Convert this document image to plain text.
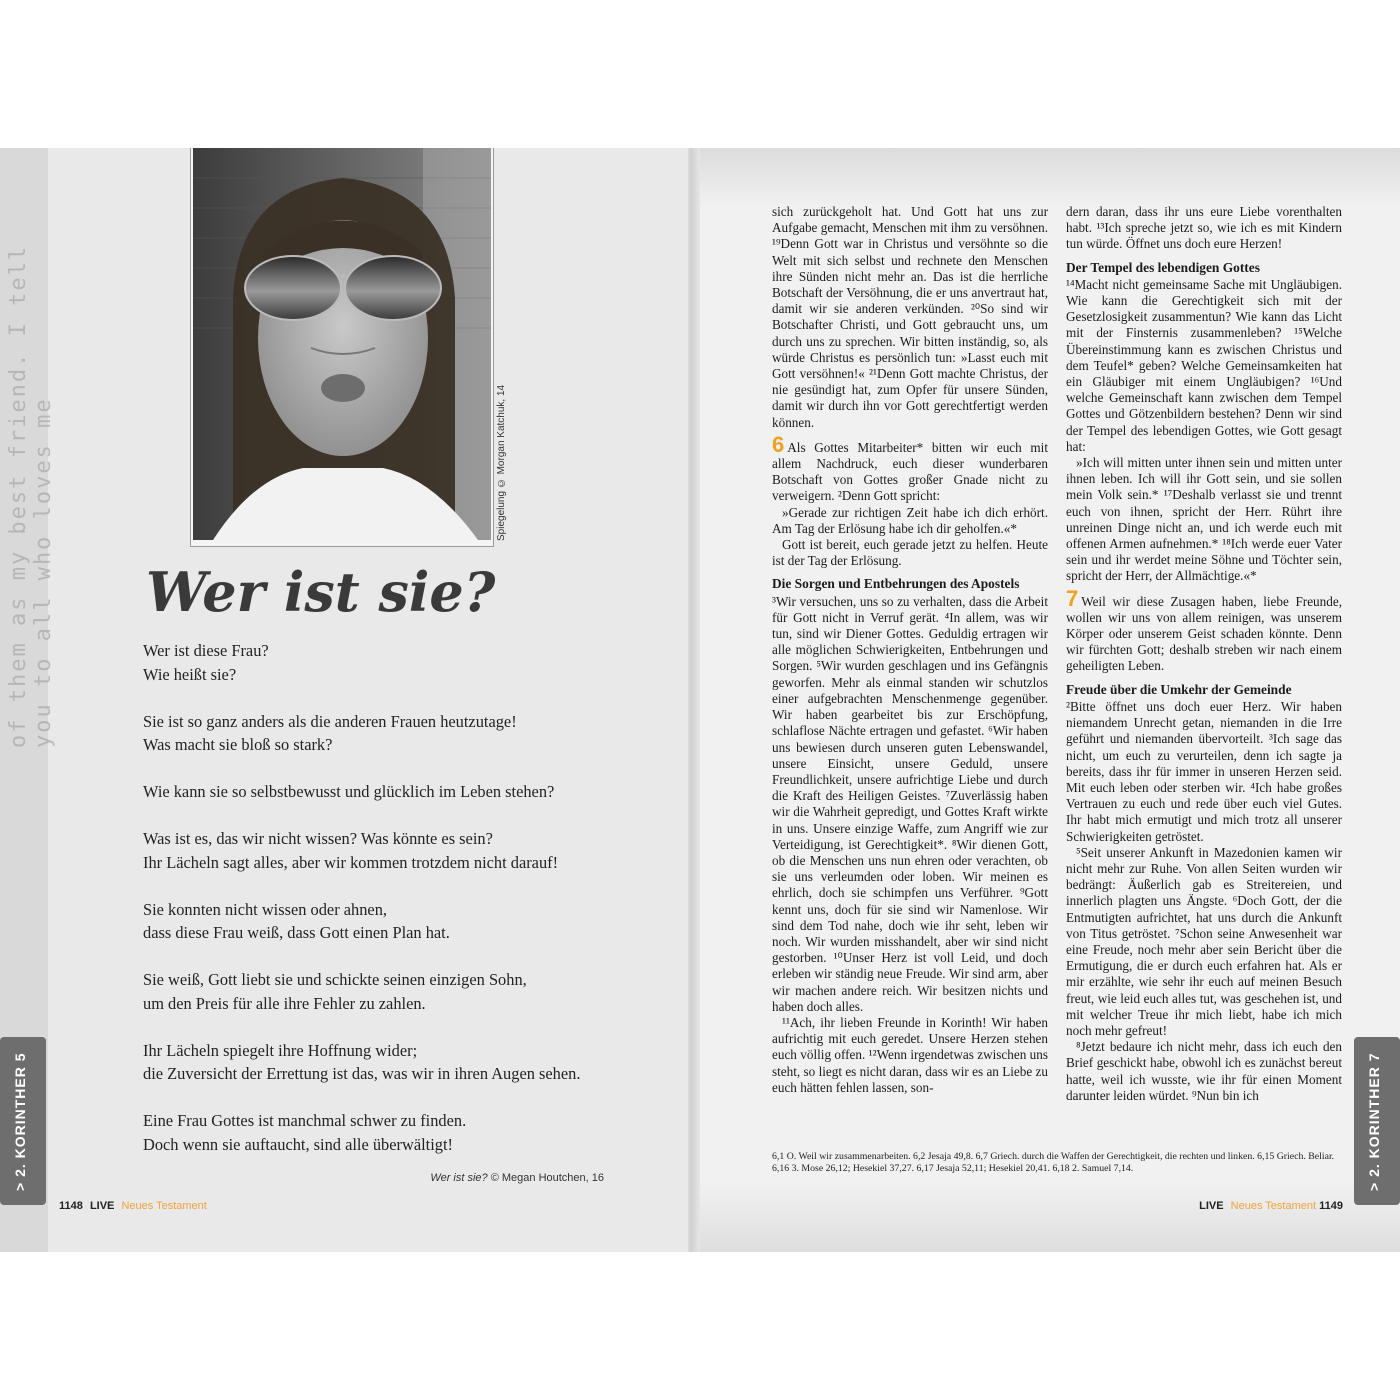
of them as my best friend. I tell you to all who loves me	Spiegelung © Morgan Katchuk, 14
Wer ist sie?

Wer ist diese Frau?
Wie heißt sie?

Sie ist so ganz anders als die anderen Frauen heutzutage!
Was macht sie bloß so stark?

Wie kann sie so selbstbewusst und glücklich im Leben stehen?

Was ist es, das wir nicht wissen? Was könnte es sein?
Ihr Lächeln sagt alles, aber wir kommen trotzdem nicht darauf!

Sie konnten nicht wissen oder ahnen,
dass diese Frau weiß, dass Gott einen Plan hat.

Sie weiß, Gott liebt sie und schickte seinen einzigen Sohn,
um den Preis für alle ihre Fehler zu zahlen.

Ihr Lächeln spiegelt ihre Hoffnung wider;
die Zuversicht der Errettung ist das, was wir in ihren Augen sehen.

Eine Frau Gottes ist manchmal schwer zu finden.
Doch wenn sie auftaucht, sind alle überwältigt!

Wer ist sie? © Megan Houtchen, 16
> 2. KORINTHER 5
1148 LIVE Neues Testament

sich zurückgeholt hat. Und Gott hat uns zur Aufgabe gemacht, Menschen mit ihm zu versöhnen. ¹⁹Denn Gott war in Christus und versöhnte so die Welt mit sich selbst und rechnete den Menschen ihre Sünden nicht mehr an. Das ist die herrliche Botschaft der Versöhnung, die er uns anvertraut hat, damit wir sie anderen verkünden. ²⁰So sind wir Botschafter Christi, und Gott gebraucht uns, um durch uns zu sprechen. Wir bitten inständig, so, als würde Christus es persönlich tun: »Lasst euch mit Gott versöhnen!« ²¹Denn Gott machte Christus, der nie gesündigt hat, zum Opfer für unsere Sünden, damit wir durch ihn vor Gott gerechtfertigt werden können.

6 Als Gottes Mitarbeiter* bitten wir euch mit allem Nachdruck, euch dieser wunderbaren Botschaft von Gottes großer Gnade nicht zu verweigern. ²Denn Gott spricht:

»Gerade zur richtigen Zeit habe ich dich erhört. Am Tag der Erlösung habe ich dir geholfen.«*

Gott ist bereit, euch gerade jetzt zu helfen. Heute ist der Tag der Erlösung.

Die Sorgen und Entbehrungen des Apostels

³Wir versuchen, uns so zu verhalten, dass die Arbeit für Gott nicht in Verruf gerät. ⁴In allem, was wir tun, sind wir Diener Gottes. Geduldig ertragen wir alle möglichen Schwierigkeiten, Entbehrungen und Sorgen. ⁵Wir wurden geschlagen und ins Gefängnis geworfen. Mehr als einmal standen wir schutzlos einer aufgebrachten Menschenmenge gegenüber. Wir haben gearbeitet bis zur Erschöpfung, schlaflose Nächte ertragen und gefastet. ⁶Wir haben uns bewiesen durch unseren guten Lebenswandel, unsere Einsicht, unsere Geduld, unsere Freundlichkeit, unsere aufrichtige Liebe und durch die Kraft des Heiligen Geistes. ⁷Zuverlässig haben wir die Wahrheit gepredigt, und Gottes Kraft wirkte in uns. Unsere einzige Waffe, zum Angriff wie zur Verteidigung, ist Gerechtigkeit*. ⁸Wir dienen Gott, ob die Menschen uns nun ehren oder verachten, ob sie uns verleumden oder loben. Wir meinen es ehrlich, doch sie schimpfen uns Verführer. ⁹Gott kennt uns, doch für sie sind wir Namenlose. Wir sind dem Tod nahe, doch wie ihr seht, leben wir noch. Wir wurden misshandelt, aber wir sind nicht gestorben. ¹⁰Unser Herz ist voll Leid, und doch erleben wir ständig neue Freude. Wir sind arm, aber wir machen andere reich. Wir besitzen nichts und haben doch alles.

¹¹Ach, ihr lieben Freunde in Korinth! Wir haben aufrichtig mit euch geredet. Unsere Herzen stehen euch völlig offen. ¹²Wenn irgendetwas zwischen uns steht, so liegt es nicht daran, dass wir es an Liebe zu euch hätten fehlen lassen, son-

dern daran, dass ihr uns eure Liebe vorenthalten habt. ¹³Ich spreche jetzt so, wie ich es mit Kindern tun würde. Öffnet uns doch eure Herzen!

Der Tempel des lebendigen Gottes

¹⁴Macht nicht gemeinsame Sache mit Ungläubigen. Wie kann die Gerechtigkeit sich mit der Gesetzlosigkeit zusammentun? Wie kann das Licht mit der Finsternis zusammenleben? ¹⁵Welche Übereinstimmung kann es zwischen Christus und dem Teufel* geben? Welche Gemeinsamkeiten hat ein Gläubiger mit einem Ungläubigen? ¹⁶Und welche Gemeinschaft kann zwischen dem Tempel Gottes und Götzenbildern bestehen? Denn wir sind der Tempel des lebendigen Gottes, wie Gott gesagt hat:

»Ich will mitten unter ihnen sein und mitten unter ihnen leben. Ich will ihr Gott sein, und sie sollen mein Volk sein.* ¹⁷Deshalb verlasst sie und trennt euch von ihnen, spricht der Herr. Rührt ihre unreinen Dinge nicht an, und ich werde euch mit offenen Armen aufnehmen.* ¹⁸Ich werde euer Vater sein und ihr werdet meine Söhne und Töchter sein, spricht der Herr, der Allmächtige.«*

7 Weil wir diese Zusagen haben, liebe Freunde, wollen wir uns von allem reinigen, was unserem Körper oder unserem Geist schaden könnte. Denn wir fürchten Gott; deshalb streben wir nach einem geheiligten Leben.

Freude über die Umkehr der Gemeinde

²Bitte öffnet uns doch euer Herz. Wir haben niemandem Unrecht getan, niemanden in die Irre geführt und niemanden übervorteilt. ³Ich sage das nicht, um euch zu verurteilen, denn ich sagte ja bereits, dass ihr für immer in unseren Herzen seid. Mit euch leben oder sterben wir. ⁴Ich habe großes Vertrauen zu euch und rede über euch viel Gutes. Ihr habt mich ermutigt und mich trotz all unserer Schwierigkeiten getröstet.

⁵Seit unserer Ankunft in Mazedonien kamen wir nicht mehr zur Ruhe. Von allen Seiten wurden wir bedrängt: Äußerlich gab es Streitereien, und innerlich plagten uns Ängste. ⁶Doch Gott, der die Entmutigten aufrichtet, hat uns durch die Ankunft von Titus getröstet. ⁷Schon seine Anwesenheit war eine Freude, noch mehr aber sein Bericht über die Ermutigung, die er durch euch erfahren hat. Als er mir erzählte, wie sehr ihr euch auf meinen Besuch freut, wie leid euch alles tut, was geschehen ist, und mit welcher Treue ihr mich liebt, habe ich mich noch mehr gefreut!

⁸Jetzt bedaure ich nicht mehr, dass ich euch den Brief geschickt habe, obwohl ich es zunächst bereut hatte, weil ich wusste, wie ihr für einen Moment darunter leiden würdet. ⁹Nun bin ich

6,1 O. Weil wir zusammenarbeiten. 6,2 Jesaja 49,8. 6,7 Griech. durch die Waffen der Gerechtigkeit, die rechten und linken. 6,15 Griech. Beliar. 6,16 3. Mose 26,12; Hesekiel 37,27. 6,17 Jesaja 52,11; Hesekiel 20,41. 6,18 2. Samuel 7,14.	> 2. KORINTHER 7
LIVE Neues Testament 1149
